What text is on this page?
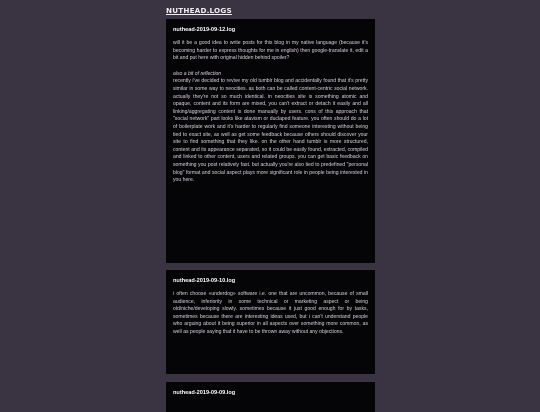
NUTHEAD.LOGS
nuthead-2019-09-12.log

will it be a good idea to write posts for this blog in my native language (because it's becoming harder to express thoughts for me in english) then google-translate it, edit a bit and put here with original hidden behind spoiler?

also a bit of reflection
recently i've decided to revive my old tumblr blog and accidentally found that it's pretty similar in some way to neocities. as both can be called content-centric social network. actually they're not so much identical. in neocities site is something atomic and opaque, content and its form are mixed, you can't extract or detach it easily and all linking/aggregating content is done manually by users. cons of this approach that "social network" part looks like atavism or duclaped feature. you often should do a lot of boilerplate work and it's harder to regularly find someone interesting without being tied to exact site, as well as get some feedback because others should discover your site to find something that they like. on the other hand tumblr is more structured, content and its appearance separated, so it could be easily found, extracted, compiled and linked to other content, users and related groups. you can get basic feedback on something you post relatively fast. but actually you're also tied to predefined "personal blog" format and social aspect plays more significant role in people being interested in you here.

nuthead-2019-09-10.log

i often choose «underdog» software i.e. one that are uncommon, because of small audience, inferiority in some technical or marketing aspect or being old/niche/developing slowly. sometimes because it just good enough for by tasks, sometimes because there are interesting ideas used, but i can't understand people who arguing about it being superior in all aspects over something more common, as well as people saying that it have to be thrown away without any objections.

nuthead-2019-09-09.log
